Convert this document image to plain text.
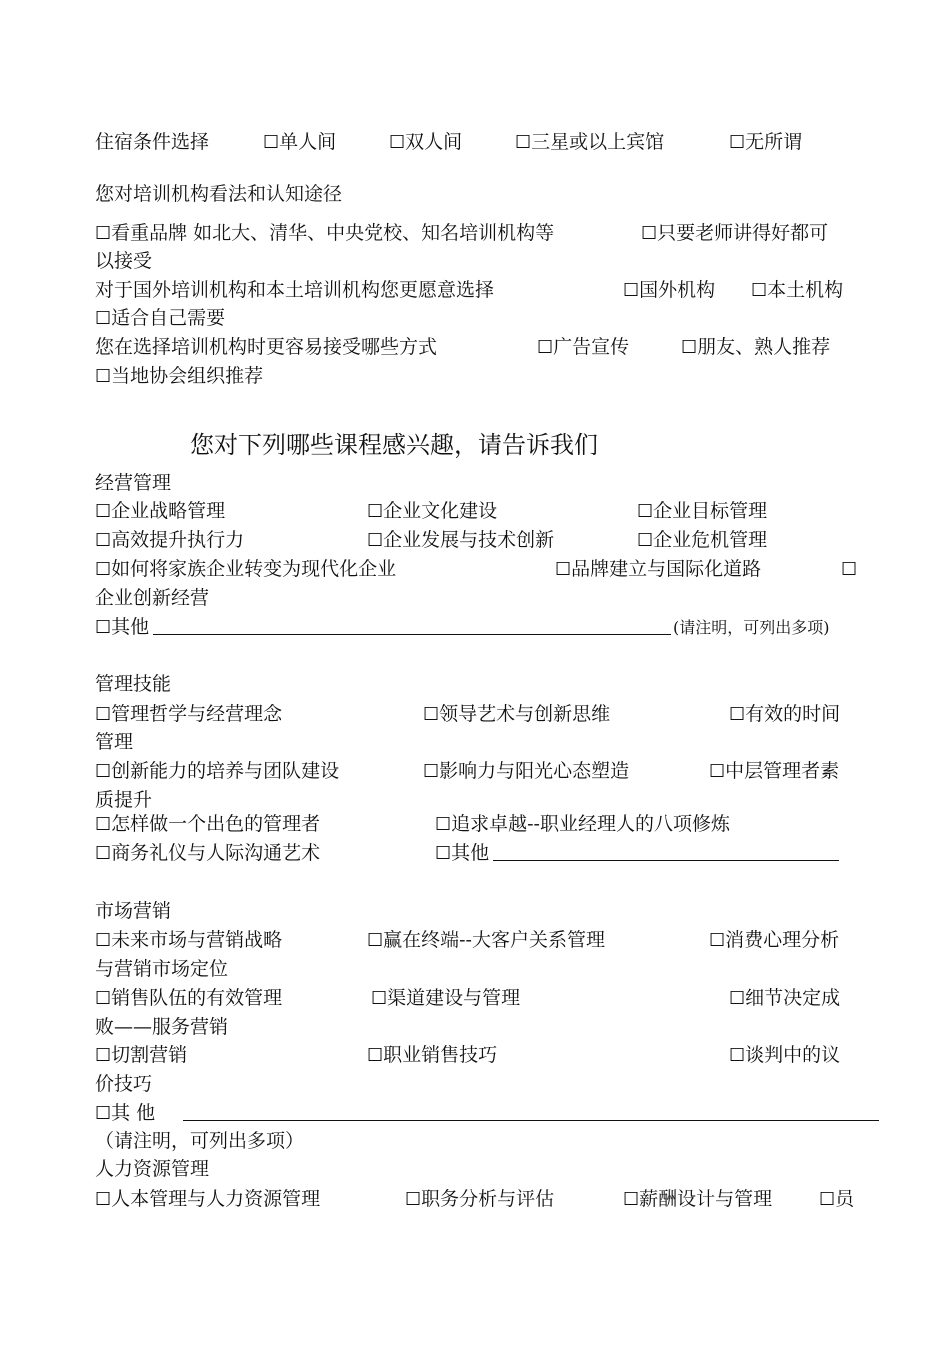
住宿条件选择	☐单人间	☐双人间	☐三星或以上宾馆	☐无所谓
您对培训机构看法和认知途径
☐看重品牌 如北大、清华、中央党校、知名培训机构等	☐只要老师讲得好都可
以接受
对于国外培训机构和本土培训机构您更愿意选择	☐国外机构 ☐本土机构
☐适合自己需要
您在选择培训机构时更容易接受哪些方式	☐广告宣传	☐朋友、熟人推荐
☐当地协会组织推荐
您对下列哪些课程感兴趣，请告诉我们
经营管理
☐企业战略管理	☐企业文化建设	☐企业目标管理
☐高效提升执行力	☐企业发展与技术创新	☐企业危机管理
☐如何将家族企业转变为现代化企业	☐品牌建立与国际化道路	☐
企业创新经营
☐其他	(请注明，可列出多项)
管理技能
☐管理哲学与经营理念	☐领导艺术与创新思维	☐有效的时间
管理
☐创新能力的培养与团队建设	☐影响力与阳光心态塑造	☐中层管理者素
质提升
☐怎样做一个出色的管理者	☐追求卓越--职业经理人的八项修炼
☐商务礼仪与人际沟通艺术	☐其他
市场营销
☐未来市场与营销战略	☐赢在终端--大客户关系管理	☐消费心理分析
与营销市场定位
☐销售队伍的有效管理	☐渠道建设与管理	☐细节决定成
败——服务营销
☐切割营销	☐职业销售技巧	☐谈判中的议
价技巧
☐其 他
（请注明，可列出多项）
人力资源管理
☐人本管理与人力资源管理	☐职务分析与评估	☐薪酬设计与管理	☐员
